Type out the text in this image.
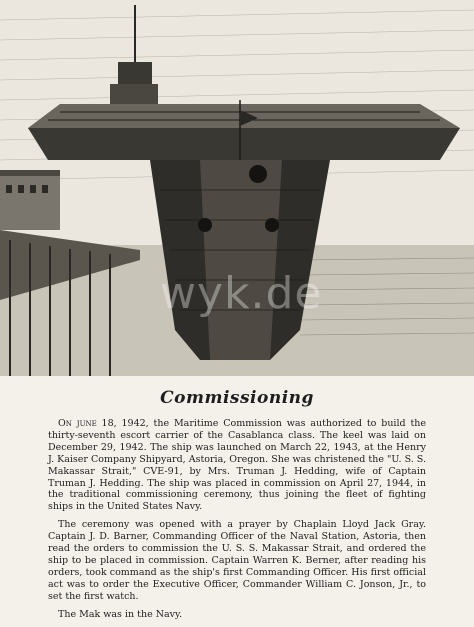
wyk.de
Commissioning

On june 18, 1942, the Maritime Commission was authorized to build the thirty-seventh escort carrier of the Casablanca class. The keel was laid on December 29, 1942. The ship was launched on March 22, 1943, at the Henry J. Kaiser Company Shipyard, Astoria, Oregon. She was christened the "U. S. S. Makassar Strait," CVE-91, by Mrs. Truman J. Hedding, wife of Captain Truman J. Hedding. The ship was placed in commission on April 27, 1944, in the traditional commissioning ceremony, thus joining the fleet of fighting ships in the United States Navy.

The ceremony was opened with a prayer by Chaplain Lloyd Jack Gray. Captain J. D. Barner, Commanding Officer of the Naval Station, Astoria, then read the orders to commission the U. S. S. Makassar Strait, and ordered the ship to be placed in commission. Captain Warren K. Berner, after reading his orders, took command as the ship's first Commanding Officer. His first official act was to order the Executive Officer, Commander William C. Jonson, Jr., to set the first watch.

The Mak was in the Navy.
